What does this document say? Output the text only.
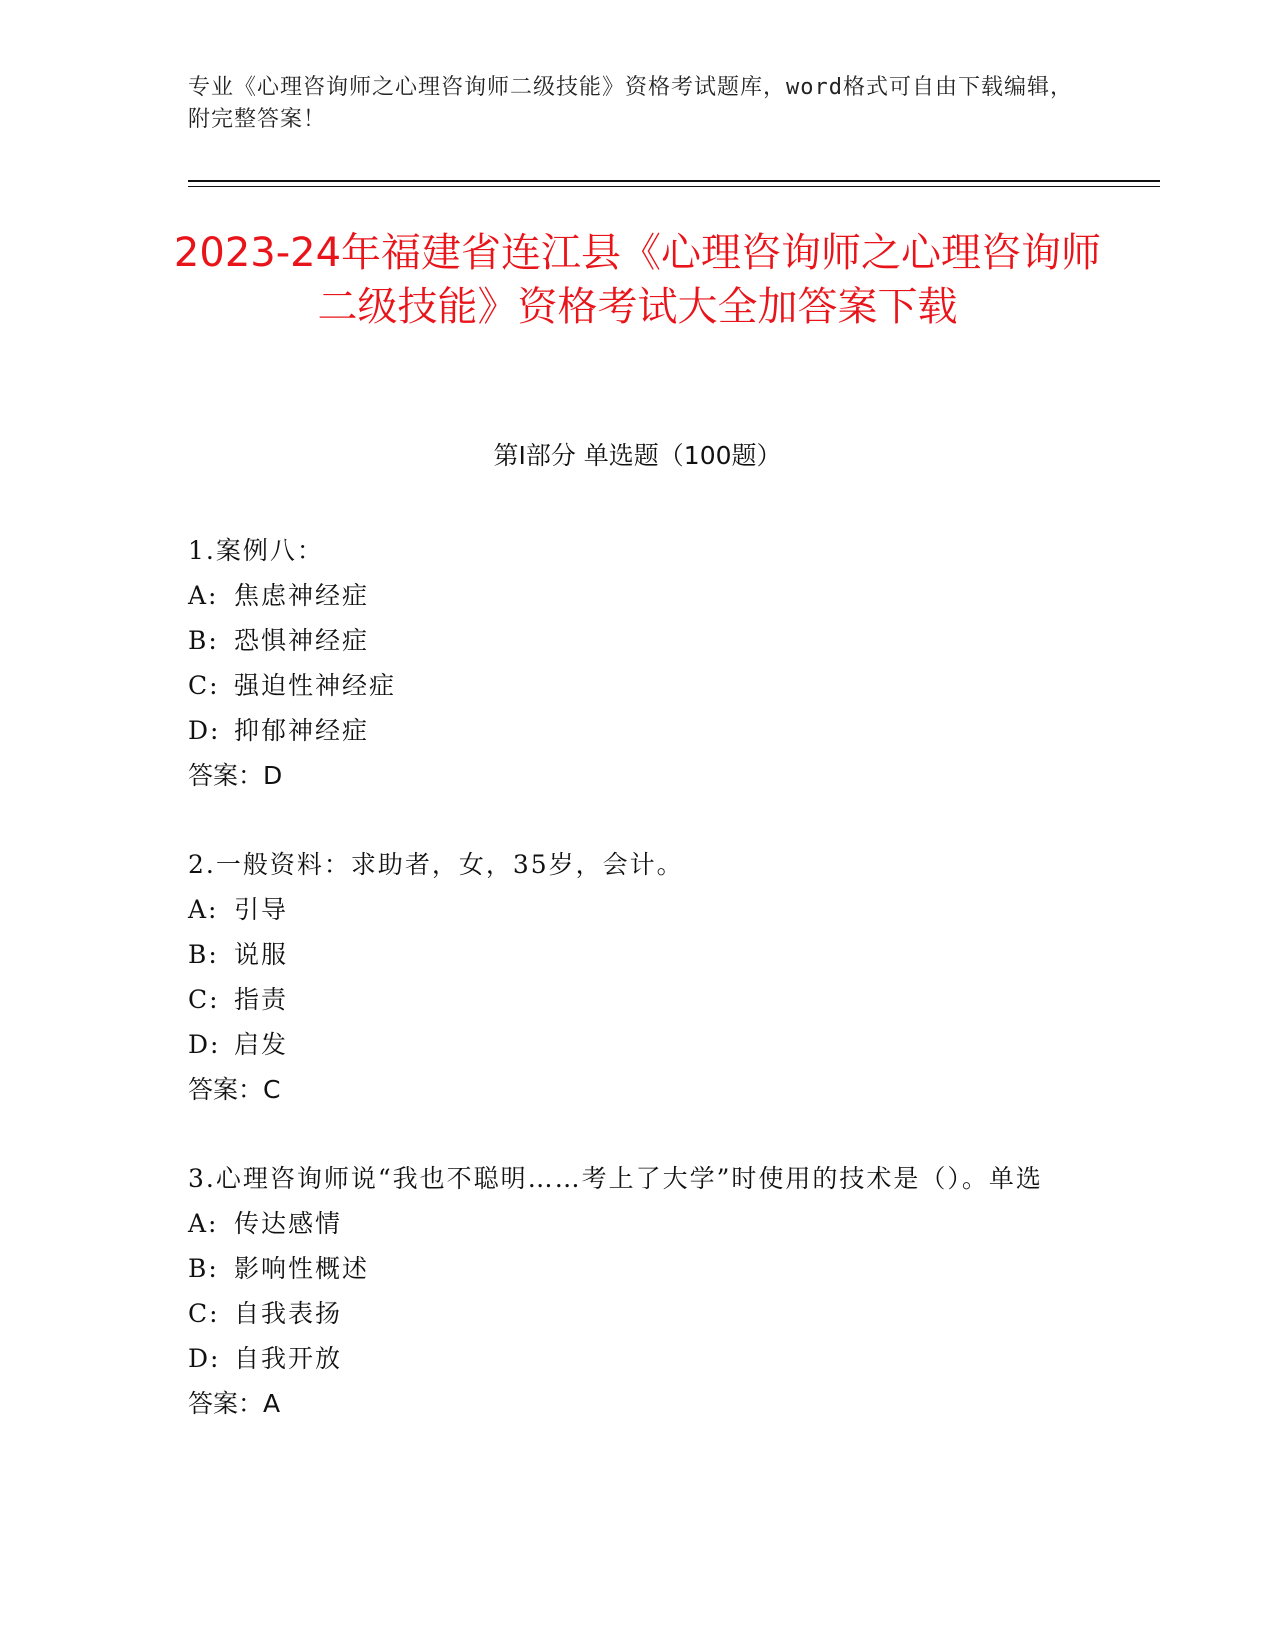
专业《心理咨询师之心理咨询师二级技能》资格考试题库，word格式可自由下载编辑，附完整答案！
2023-24年福建省连江县《心理咨询师之心理咨询师二级技能》资格考试大全加答案下载
第Ⅰ部分 单选题（100题）
1.案例八：
A: 焦虑神经症
B: 恐惧神经症
C: 强迫性神经症
D: 抑郁神经症
答案：D
2.一般资料：求助者，女，35岁，会计。
A: 引导
B: 说服
C: 指责
D: 启发
答案：C
3.心理咨询师说“我也不聪明……考上了大学”时使用的技术是（）。单选
A: 传达感情
B: 影响性概述
C: 自我表扬
D: 自我开放
答案：A
